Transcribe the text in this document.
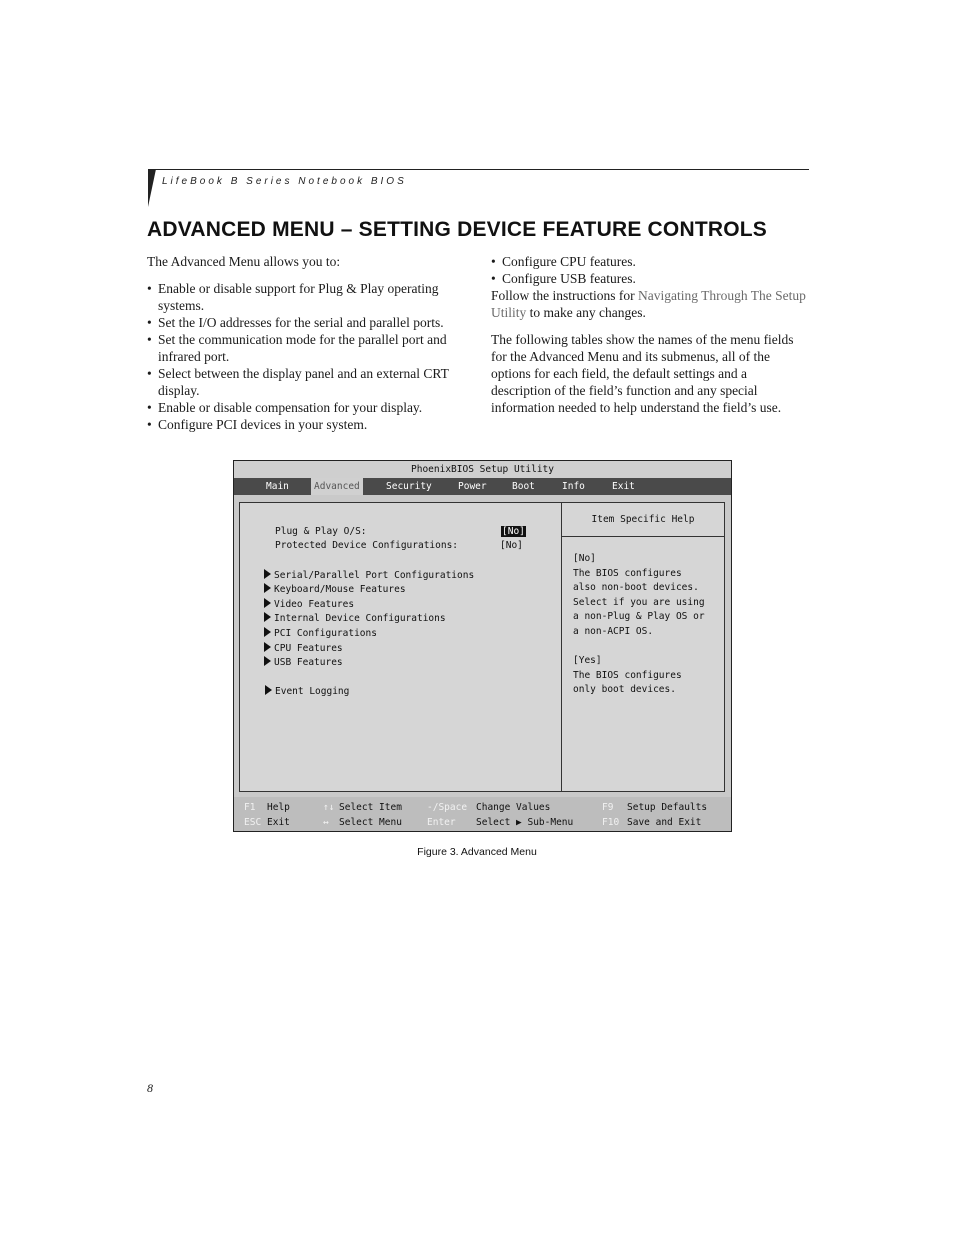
LifeBook B Series Notebook BIOS
ADVANCED MENU – SETTING DEVICE FEATURE CONTROLS

The Advanced Menu allows you to:

• Enable or disable support for Plug & Play operating systems.
• Set the I/O addresses for the serial and parallel ports.
• Set the communication mode for the parallel port and infrared port.
• Select between the display panel and an external CRT display.
• Enable or disable compensation for your display.
• Configure PCI devices in your system.
• Configure CPU features.
• Configure USB features.

Follow the instructions for Navigating Through The Setup Utility to make any changes.

The following tables show the names of the menu fields for the Advanced Menu and its submenus, all of the options for each field, the default settings and a description of the field’s function and any special information needed to help understand the field’s use.

PhoenixBIOS Setup Utility
Main	Advanced	Security	Power	Boot	Info	Exit
Plug & Play O/S:	[No]
Protected Device Configurations:	[No]
Serial/Parallel Port Configurations
Keyboard/Mouse Features
Video Features
Internal Device Configurations
PCI Configurations
CPU Features
USB Features
Event Logging
Item Specific Help
[No]
The BIOS configures
also non-boot devices.
Select if you are using
a non-Plug & Play OS or
a non-ACPI OS.
[Yes]
The BIOS configures
only boot devices.
F1 Help	↑↓ Select Item	-/Space Change Values	F9 Setup Defaults
ESC Exit	↔ Select Menu	Enter Select ▶ Sub-Menu	F10 Save and Exit
Figure 3. Advanced Menu
8
